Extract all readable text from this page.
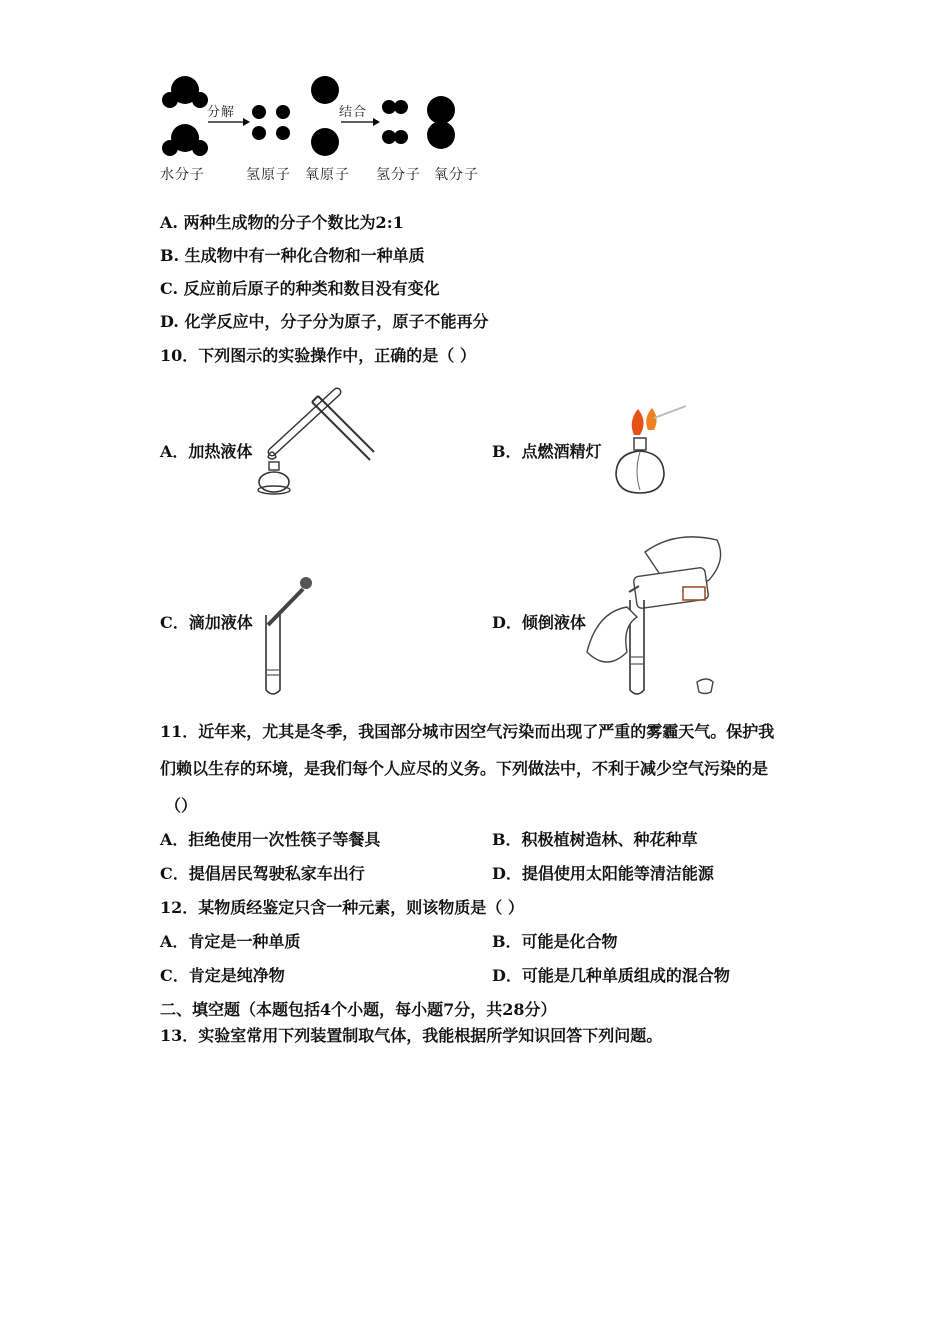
分解	结合
水分子	氢原子 氧原子 氢分子 氧分子
A. 两种生成物的分子个数比为2:1
B. 生成物中有一种化合物和一种单质
C. 反应前后原子的种类和数目没有变化
D. 化学反应中，分子分为原子，原子不能再分
10．下列图示的实验操作中，正确的是（ ）
A．加热液体	B．点燃酒精灯
C．滴加液体	D．倾倒液体
11．近年来，尤其是冬季，我国部分城市因空气污染而出现了严重的雾霾天气。保护我
们赖以生存的环境，是我们每个人应尽的义务。下列做法中，不利于减少空气污染的是
（）
A．拒绝使用一次性筷子等餐具	B．积极植树造林、种花种草
C．提倡居民驾驶私家车出行	D．提倡使用太阳能等清洁能源
12．某物质经鉴定只含一种元素，则该物质是（ ）
A．肯定是一种单质	B．可能是化合物
C．肯定是纯净物	D．可能是几种单质组成的混合物
二、填空题（本题包括4个小题，每小题7分，共28分）
13．实验室常用下列装置制取气体，我能根据所学知识回答下列问题。
